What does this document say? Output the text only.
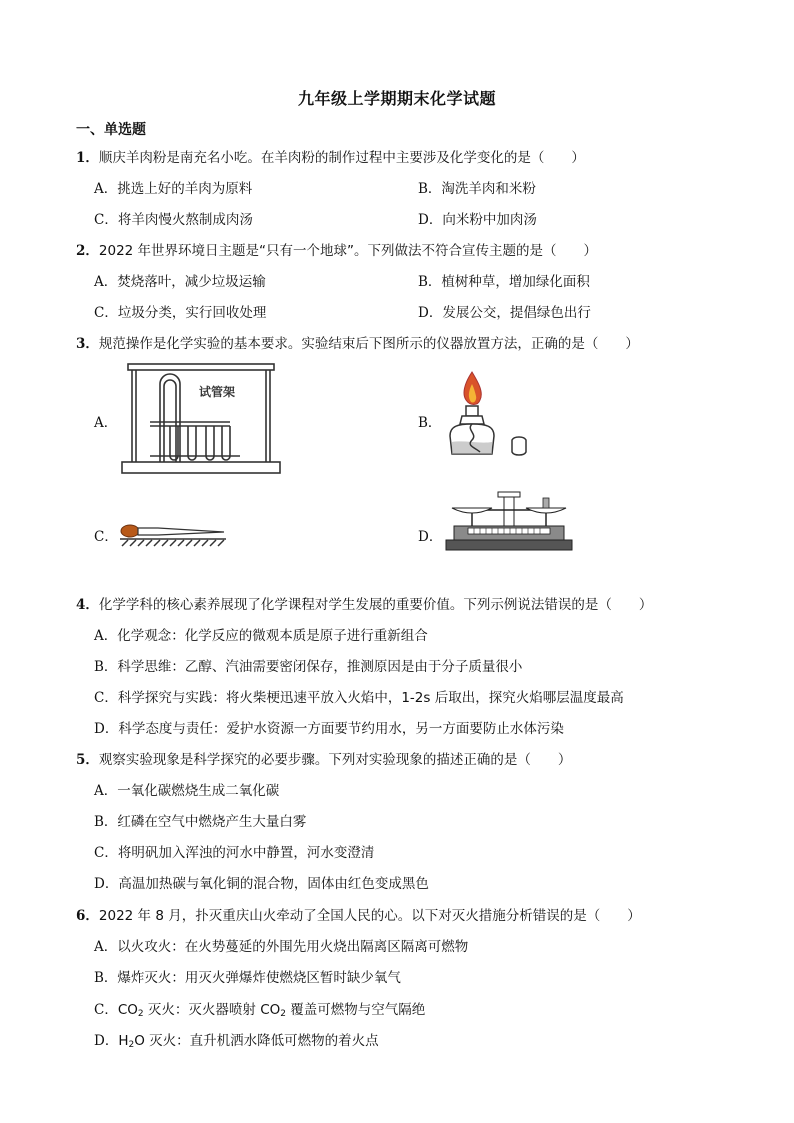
九年级上学期期末化学试题
一、单选题
1．顺庆羊肉粉是南充名小吃。在羊肉粉的制作过程中主要涉及化学变化的是（　　）
A．挑选上好的羊肉为原料	B．淘洗羊肉和米粉
C．将羊肉慢火熬制成肉汤	D．向米粉中加肉汤
2．2022 年世界环境日主题是“只有一个地球”。下列做法不符合宣传主题的是（　　）
A．焚烧落叶，减少垃圾运输	B．植树种草，增加绿化面积
C．垃圾分类，实行回收处理	D．发展公交，提倡绿色出行
3．规范操作是化学实验的基本要求。实验结束后下图所示的仪器放置方法，正确的是（　　）
A．
试管架
B．
C．	D．
4．化学学科的核心素养展现了化学课程对学生发展的重要价值。下列示例说法错误的是（　　）
A．化学观念：化学反应的微观本质是原子进行重新组合
B．科学思维：乙醇、汽油需要密闭保存，推测原因是由于分子质量很小
C．科学探究与实践：将火柴梗迅速平放入火焰中，1-2s 后取出，探究火焰哪层温度最高
D．科学态度与责任：爱护水资源一方面要节约用水，另一方面要防止水体污染
5．观察实验现象是科学探究的必要步骤。下列对实验现象的描述正确的是（　　）
A．一氧化碳燃烧生成二氧化碳
B．红磷在空气中燃烧产生大量白雾
C．将明矾加入浑浊的河水中静置，河水变澄清
D．高温加热碳与氧化铜的混合物，固体由红色变成黑色
6．2022 年 8 月，扑灭重庆山火牵动了全国人民的心。以下对灭火措施分析错误的是（　　）
A．以火攻火：在火势蔓延的外围先用火烧出隔离区隔离可燃物
B．爆炸灭火：用灭火弹爆炸使燃烧区暂时缺少氧气
C．$CO_2$ 灭火：灭火器喷射 $CO_2$ 覆盖可燃物与空气隔绝
D．$H_2O$ 灭火：直升机洒水降低可燃物的着火点
